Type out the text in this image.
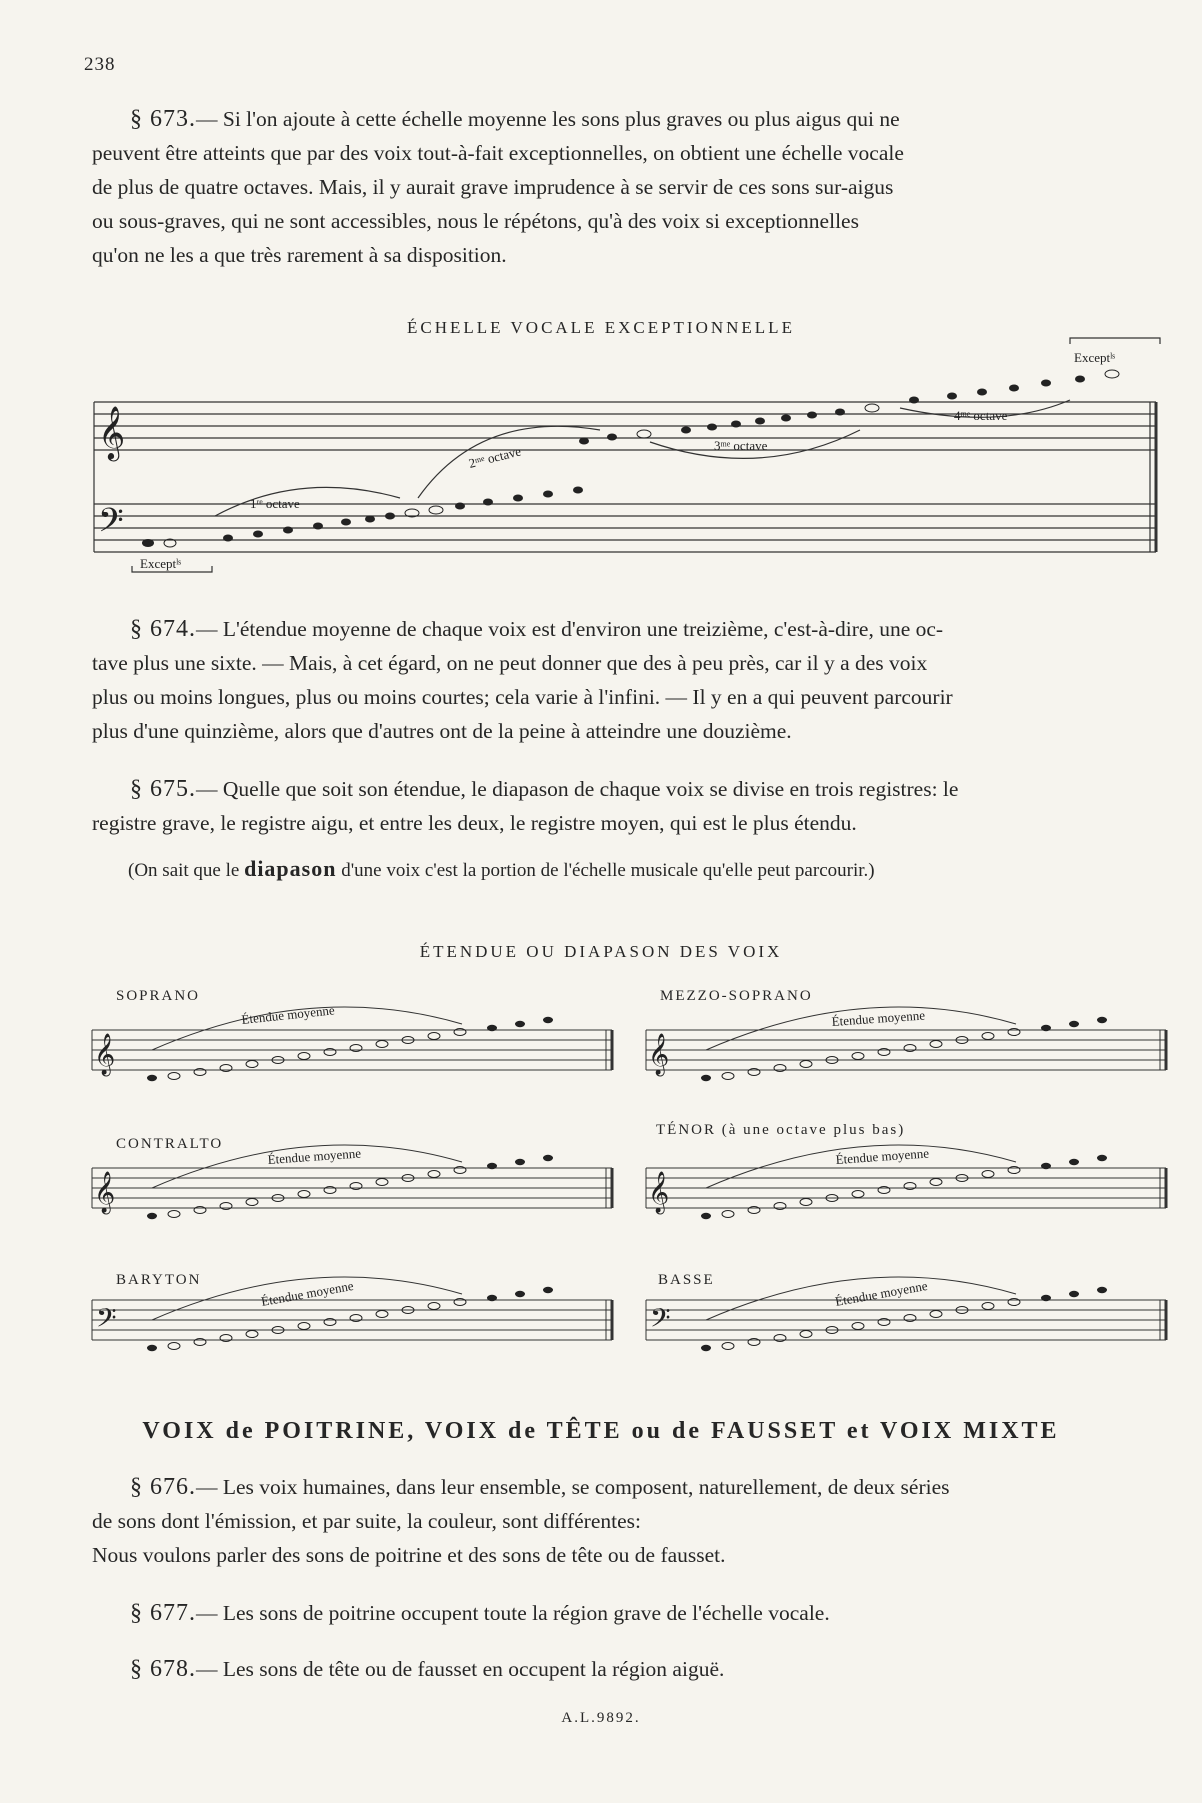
238
§ 673.— Si l'on ajoute à cette échelle moyenne les sons plus graves ou plus aigus qui ne
peuvent être atteints que par des voix tout-à-fait exceptionnelles, on obtient une échelle vocale
de plus de quatre octaves. Mais, il y aurait grave imprudence à se servir de ces sons sur-aigus
ou sous-graves, qui ne sont accessibles, nous le répétons, qu'à des voix si exceptionnelles
qu'on ne les a que très rarement à sa disposition.
ÉCHELLE VOCALE EXCEPTIONNELLE
𝄞
𝄢	1ʳᵉ octave
2ᵐᵉ octave	3ᵐᵉ octave
4ᵐᵉ octave
Exceptˡˢ
Exceptˡˢ
§ 674.— L'étendue moyenne de chaque voix est d'environ une treizième, c'est-à-dire, une oc-
tave plus une sixte. — Mais, à cet égard, on ne peut donner que des à peu près, car il y a des voix
plus ou moins longues, plus ou moins courtes; cela varie à l'infini. — Il y en a qui peuvent parcourir
plus d'une quinzième, alors que d'autres ont de la peine à atteindre une douzième.
§ 675.— Quelle que soit son étendue, le diapason de chaque voix se divise en trois registres: le
registre grave, le registre aigu, et entre les deux, le registre moyen, qui est le plus étendu.
(On sait que le diapason d'une voix c'est la portion de l'échelle musicale qu'elle peut parcourir.)
ÉTENDUE OU DIAPASON DES VOIX
SOPRANO	MEZZO-SOPRANO
CONTRALTO
TÉNOR (à une octave plus bas)
BARYTON	BASSE
𝄞
Étendue moyenne
𝄞
Étendue moyenne
𝄞
Étendue moyenne
𝄞
Étendue moyenne
𝄢
Étendue moyenne
𝄢
Étendue moyenne
VOIX de POITRINE, VOIX de TÊTE ou de FAUSSET et VOIX MIXTE
§ 676.— Les voix humaines, dans leur ensemble, se composent, naturellement, de deux séries
de sons dont l'émission, et par suite, la couleur, sont différentes:
Nous voulons parler des sons de poitrine et des sons de tête ou de fausset.
§ 677.— Les sons de poitrine occupent toute la région grave de l'échelle vocale.
§ 678.— Les sons de tête ou de fausset en occupent la région aiguë.
A.L.9892.
